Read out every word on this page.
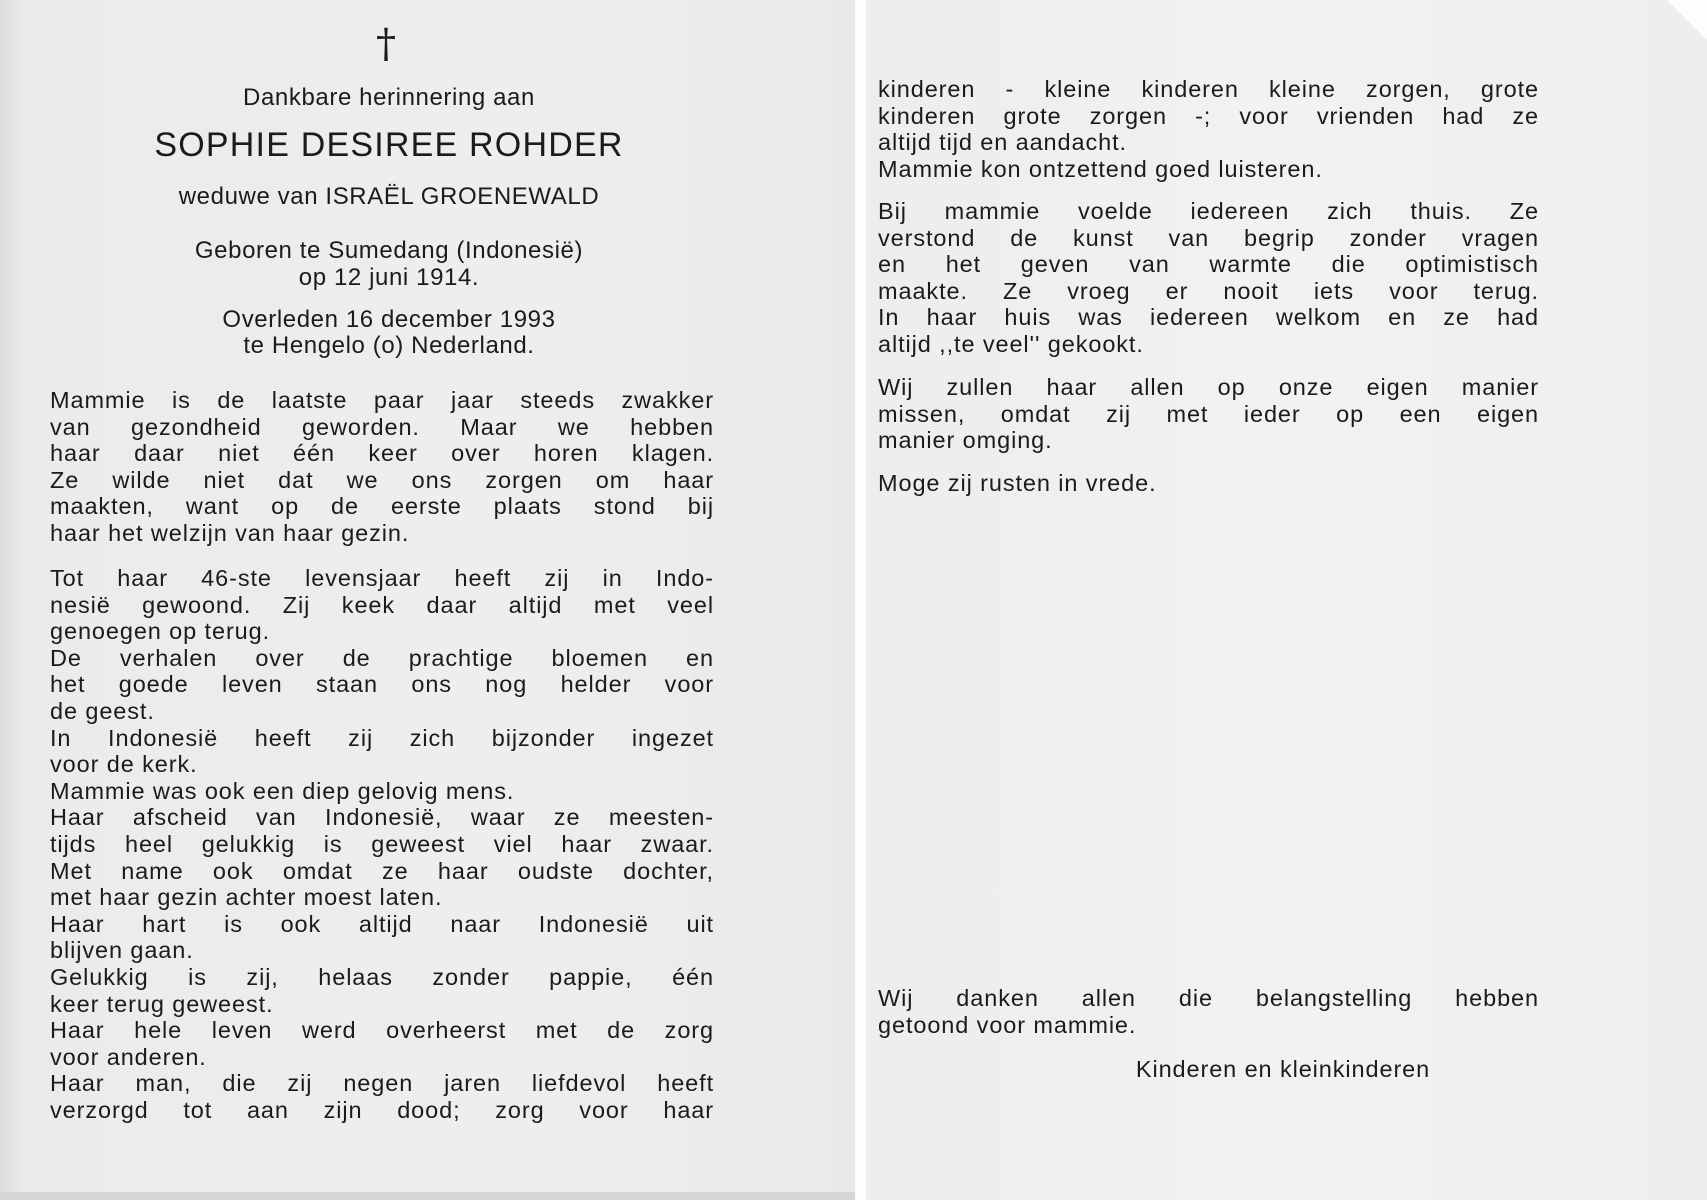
†
Dankbare herinnering aan
SOPHIE DESIREE ROHDER
weduwe van ISRAËL GROENEWALD
Geboren te Sumedang (Indonesië)
op 12 juni 1914.
Overleden 16 december 1993
te Hengelo (o) Nederland.
Mammie is de laatste paar jaar steeds zwakker
van gezondheid geworden. Maar we hebben
haar daar niet één keer over horen klagen.
Ze wilde niet dat we ons zorgen om haar
maakten, want op de eerste plaats stond bij
haar het welzijn van haar gezin.
Tot haar 46-ste levensjaar heeft zij in Indo-
nesië gewoond. Zij keek daar altijd met veel
genoegen op terug.
De verhalen over de prachtige bloemen en
het goede leven staan ons nog helder voor
de geest.
In Indonesië heeft zij zich bijzonder ingezet
voor de kerk.
Mammie was ook een diep gelovig mens.
Haar afscheid van Indonesië, waar ze meesten-
tijds heel gelukkig is geweest viel haar zwaar.
Met name ook omdat ze haar oudste dochter,
met haar gezin achter moest laten.
Haar hart is ook altijd naar Indonesië uit
blijven gaan.
Gelukkig is zij, helaas zonder pappie, één
keer terug geweest.
Haar hele leven werd overheerst met de zorg
voor anderen.
Haar man, die zij negen jaren liefdevol heeft
verzorgd tot aan zijn dood; zorg voor haar
kinderen - kleine kinderen kleine zorgen, grote
kinderen grote zorgen -; voor vrienden had ze
altijd tijd en aandacht.
Mammie kon ontzettend goed luisteren.
Bij mammie voelde iedereen zich thuis. Ze
verstond de kunst van begrip zonder vragen
en het geven van warmte die optimistisch
maakte. Ze vroeg er nooit iets voor terug.
In haar huis was iedereen welkom en ze had
altijd ,,te veel'' gekookt.
Wij zullen haar allen op onze eigen manier
missen, omdat zij met ieder op een eigen
manier omging.
Moge zij rusten in vrede.
Wij danken allen die belangstelling hebben
getoond voor mammie.
Kinderen en kleinkinderen
